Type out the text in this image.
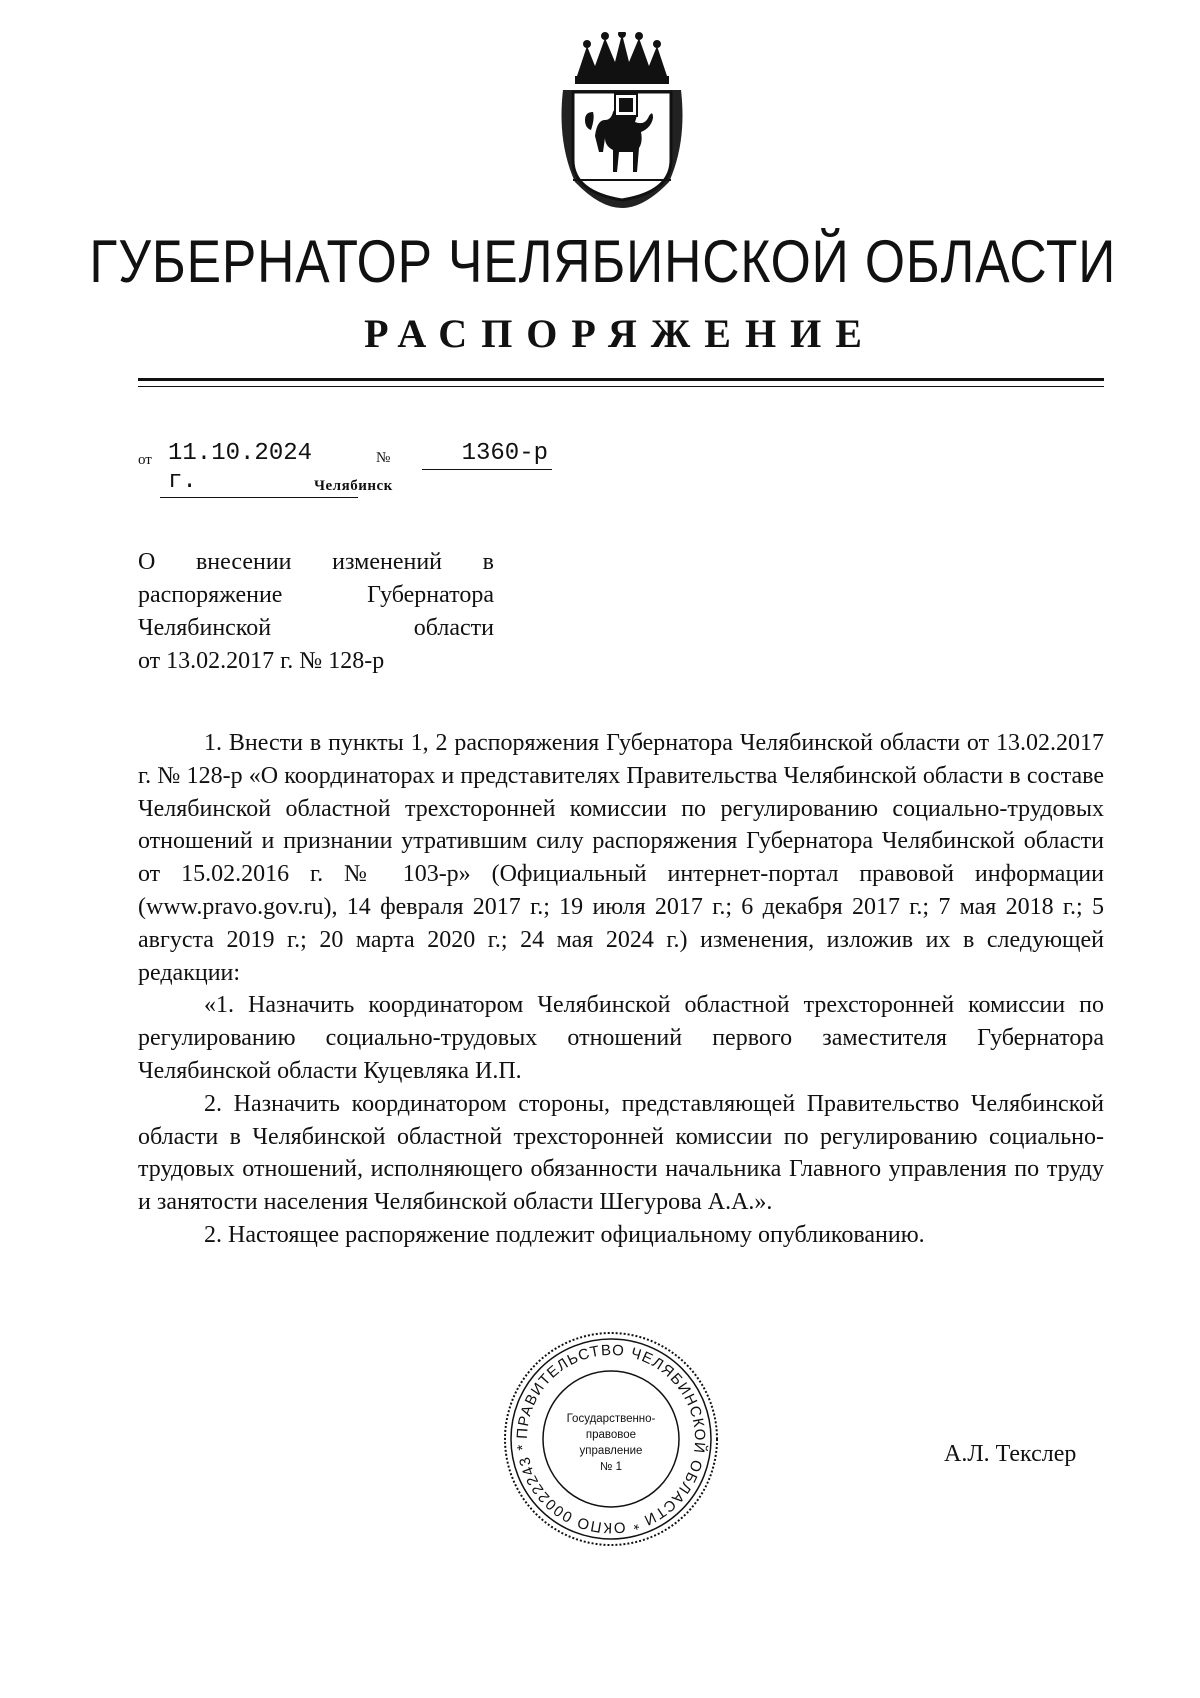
ГУБЕРНАТОР ЧЕЛЯБИНСКОЙ ОБЛАСТИ
РАСПОРЯЖЕНИЕ
от 11.10.2024 г.
№	1360-р
Челябинск
О внесении изменений в
распоряжение Губернатора
Челябинской области
от 13.02.2017 г. № 128-р

1. Внести в пункты 1, 2 распоряжения Губернатора Челябинской области от 13.02.2017 г. № 128-р «О координаторах и представителях Правительства Челябинской области в составе Челябинской областной трехсторонней комиссии по регулированию социально-трудовых отношений и признании утратившим силу распоряжения Губернатора Челябинской области от 15.02.2016 г. № 103-р» (Официальный интернет-портал правовой информации (www.pravo.gov.ru), 14 февраля 2017 г.; 19 июля 2017 г.; 6 декабря 2017 г.; 7 мая 2018 г.; 5 августа 2019 г.; 20 марта 2020 г.; 24 мая 2024 г.) изменения, изложив их в следующей редакции:

«1. Назначить координатором Челябинской областной трехсторонней комиссии по регулированию социально-трудовых отношений первого заместителя Губернатора Челябинской области Куцевляка И.П.

2. Назначить координатором стороны, представляющей Правительство Челябинской области в Челябинской областной трехсторонней комиссии по регулированию социально-трудовых отношений, исполняющего обязанности начальника Главного управления по труду и занятости населения Челябинской области Шегурова А.А.».

2. Настоящее распоряжение подлежит официальному опубликованию.

ПРАВИТЕЛЬСТВО ЧЕЛЯБИНСКОЙ ОБЛАСТИ * ОКПО 00022243 *
Государственно-
правовое
управление
№ 1	А.Л. Текслер
